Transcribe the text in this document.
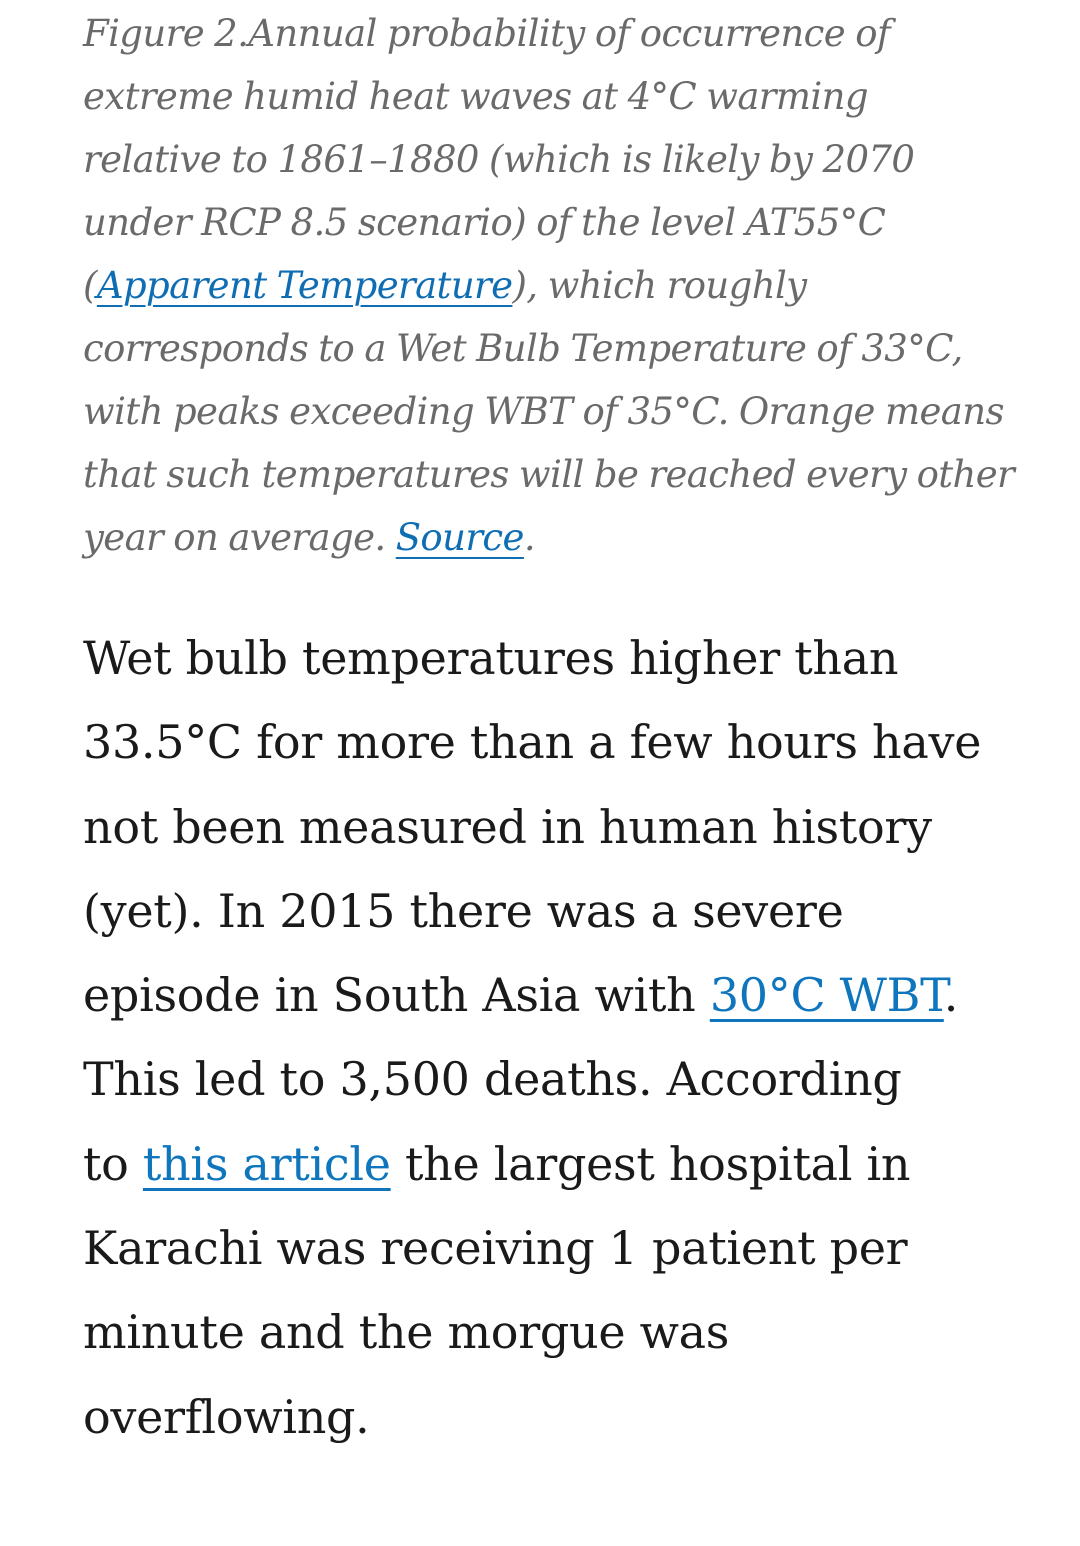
Figure 2.Annual probability of occurrence of
extreme humid heat waves at 4°C warming
relative to 1861–1880 (which is likely by 2070
under RCP 8.5 scenario) of the level AT55°C
(Apparent Temperature), which roughly
corresponds to a Wet Bulb Temperature of 33°C,
with peaks exceeding WBT of 35°C. Orange means
that such temperatures will be reached every other
year on average. Source.

Wet bulb temperatures higher than
33.5°C for more than a few hours have
not been measured in human history
(yet). In 2015 there was a severe
episode in South Asia with 30°C WBT.
This led to 3,500 deaths. According
to this article the largest hospital in
Karachi was receiving 1 patient per
minute and the morgue was
overflowing.
